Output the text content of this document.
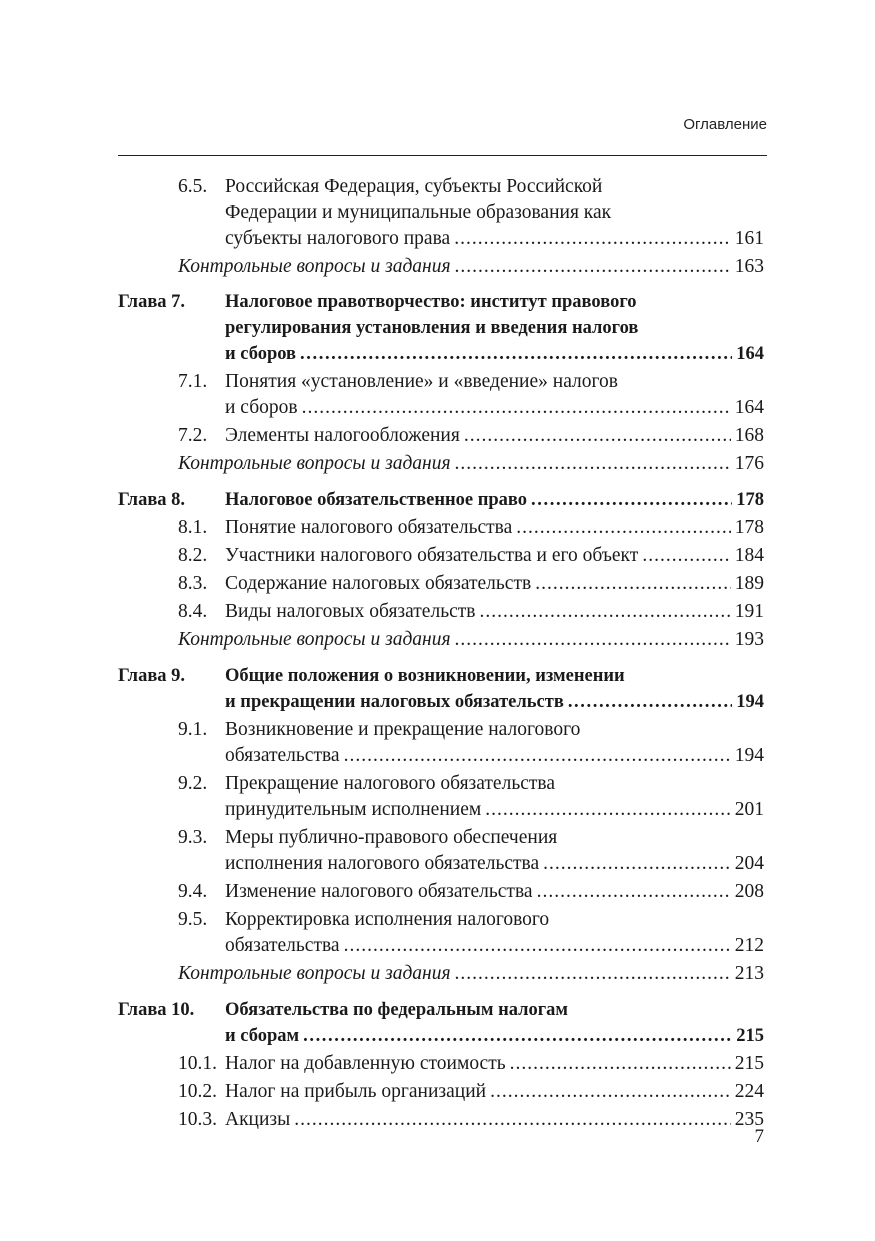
Оглавление
6.5. Российская Федерация, субъекты Российской
Федерации и муниципальные образования как
субъекты налогового права .....	161
Контрольные вопросы и задания .....	163
Глава 7. Налоговое правотворчество: институт правового
регулирования установления и введения налогов
и сборов .....	164
7.1. Понятия «установление» и «введение» налогов
и сборов .....	164
7.2. Элементы налогообложения .....	168
Контрольные вопросы и задания .....	176
Глава 8. Налоговое обязательственное право .....	178
8.1. Понятие налогового обязательства .....	178
8.2. Участники налогового обязательства и его объект .....	184
8.3. Содержание налоговых обязательств .....	189
8.4. Виды налоговых обязательств .....	191
Контрольные вопросы и задания .....	193
Глава 9. Общие положения о возникновении, изменении
и прекращении налоговых обязательств .....	194
9.1. Возникновение и прекращение налогового
обязательства .....	194
9.2. Прекращение налогового обязательства
принудительным исполнением .....	201
9.3. Меры публично-правового обеспечения
исполнения налогового обязательства .....	204
9.4. Изменение налогового обязательства .....	208
9.5. Корректировка исполнения налогового
обязательства .....	212
Контрольные вопросы и задания .....	213
Глава 10. Обязательства по федеральным налогам
и сборам .....	215
10.1. Налог на добавленную стоимость .....	215
10.2. Налог на прибыль организаций .....	224
10.3. Акцизы .....	235
7
